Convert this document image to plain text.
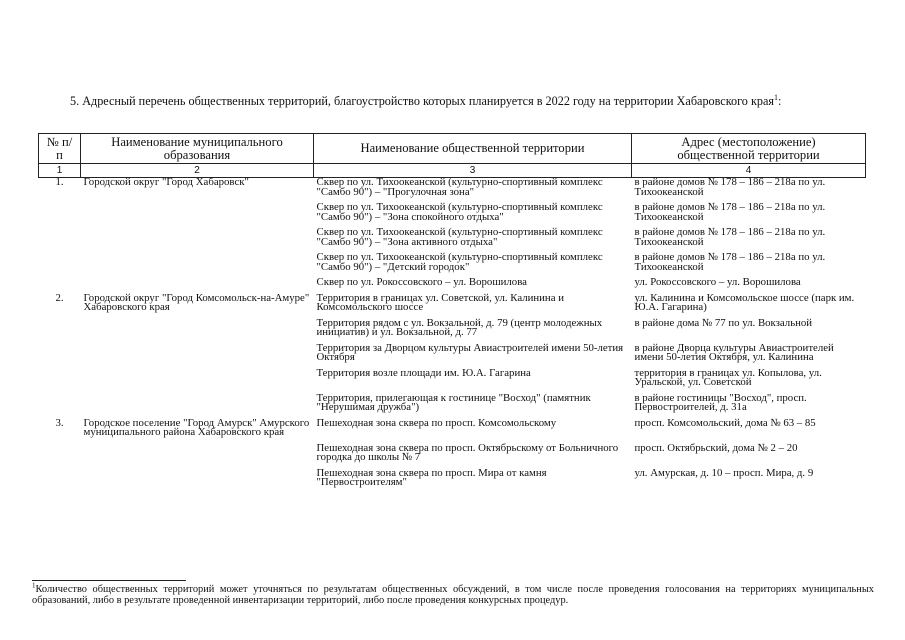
5. Адресный перечень общественных территорий, благоустройство которых планируется в 2022 году на территории Хабаровского края$^1$:
№ п/п	Наименование муниципального образования	Наименование общественной территории	Адрес (местоположение) общественной территории
1	2	3	4
1.	Городской округ "Город Хабаровск"	Сквер по ул. Тихоокеанской (культурно-спортивный комплекс "Самбо 90") – "Прогулочная зона"	в районе домов № 178 – 186 – 218а по ул. Тихоокеанской

		Сквер по ул. Тихоокеанской (культурно-спортивный комплекс "Самбо 90") – "Зона спокойного отдыха"	в районе домов № 178 – 186 – 218а по ул. Тихоокеанской

		Сквер по ул. Тихоокеанской (культурно-спортивный комплекс "Самбо 90") – "Зона активного отдыха"	в районе домов № 178 – 186 – 218а по ул. Тихоокеанской

		Сквер по ул. Тихоокеанской (культурно-спортивный комплекс "Самбо 90") – "Детский городок"	в районе домов № 178 – 186 – 218а по ул. Тихоокеанской

		Сквер по ул. Рокоссовского – ул. Ворошилова	ул. Рокоссовского – ул. Ворошилова

2.	Городской округ "Город Комсомольск-на-Амуре" Хабаровского края	Территория в границах ул. Советской, ул. Калинина и Комсомольского шоссе	ул. Калинина и Комсомольское шоссе (парк им. Ю.А. Гагарина)

		Территория рядом с ул. Вокзальной, д. 79 (центр молодежных инициатив) и ул. Вокзальной, д. 77	в районе дома № 77 по ул. Вокзальной

		Территория за Дворцом культуры Авиастроителей имени 50-летия Октября	в районе Дворца культуры Авиастроителей имени 50-летия Октября, ул. Калинина

		Территория возле площади им. Ю.А. Гагарина	территория в границах ул. Копылова, ул. Уральской, ул. Советской

		Территория, прилегающая к гостинице "Восход" (памятник "Нерушимая дружба")	в районе гостиницы "Восход", просп. Первостроителей, д. 31а

3.	Городское поселение "Город Амурск" Амурского муниципального района Хабаровского края	Пешеходная зона сквера по просп. Комсомольскому	просп. Комсомольский, дома № 63 – 85

		Пешеходная зона сквера по просп. Октябрьскому от Больничного городка до школы № 7	просп. Октябрьский, дома № 2 – 20

		Пешеходная зона сквера по просп. Мира от камня "Первостроителям"	ул. Амурская, д. 10 – просп. Мира, д. 9

$^1$Количество общественных территорий может уточняться по результатам общественных обсуждений, в том числе после проведения голосования на территориях муниципальных образований, либо в результате проведенной инвентаризации территорий, либо после проведения конкурсных процедур.
